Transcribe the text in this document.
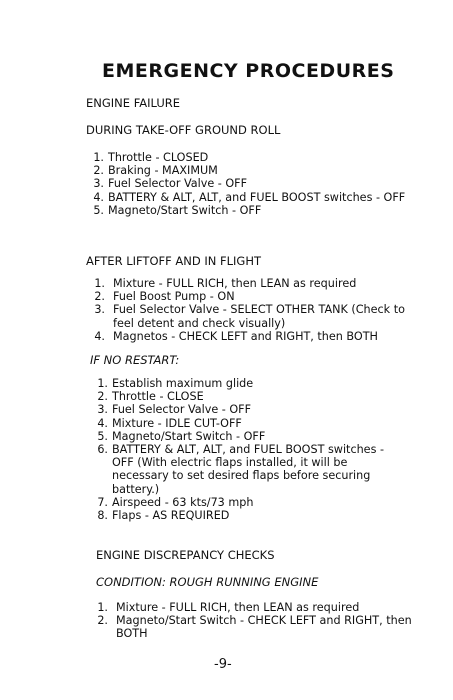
EMERGENCY PROCEDURES
ENGINE FAILURE
DURING TAKE-OFF GROUND ROLL
1. Throttle - CLOSED
2. Braking - MAXIMUM
3. Fuel Selector Valve - OFF
4. BATTERY & ALT, ALT, and FUEL BOOST switches - OFF
5. Magneto/Start Switch - OFF
AFTER LIFTOFF AND IN FLIGHT
1. Mixture - FULL RICH, then LEAN as required
2. Fuel Boost Pump - ON
3. Fuel Selector Valve - SELECT OTHER TANK (Check to feel detent and check visually)
4. Magnetos - CHECK LEFT and RIGHT, then BOTH
IF NO RESTART:
1. Establish maximum glide
2. Throttle - CLOSE
3. Fuel Selector Valve - OFF
4. Mixture - IDLE CUT-OFF
5. Magneto/Start Switch - OFF
6. BATTERY & ALT, ALT, and FUEL BOOST switches - OFF (With electric flaps installed, it will be necessary to set desired flaps before securing battery.)
7. Airspeed - 63 kts/73 mph
8. Flaps - AS REQUIRED
ENGINE DISCREPANCY CHECKS
CONDITION: ROUGH RUNNING ENGINE
1. Mixture - FULL RICH, then LEAN as required
2. Magneto/Start Switch - CHECK LEFT and RIGHT, then BOTH
-9-
